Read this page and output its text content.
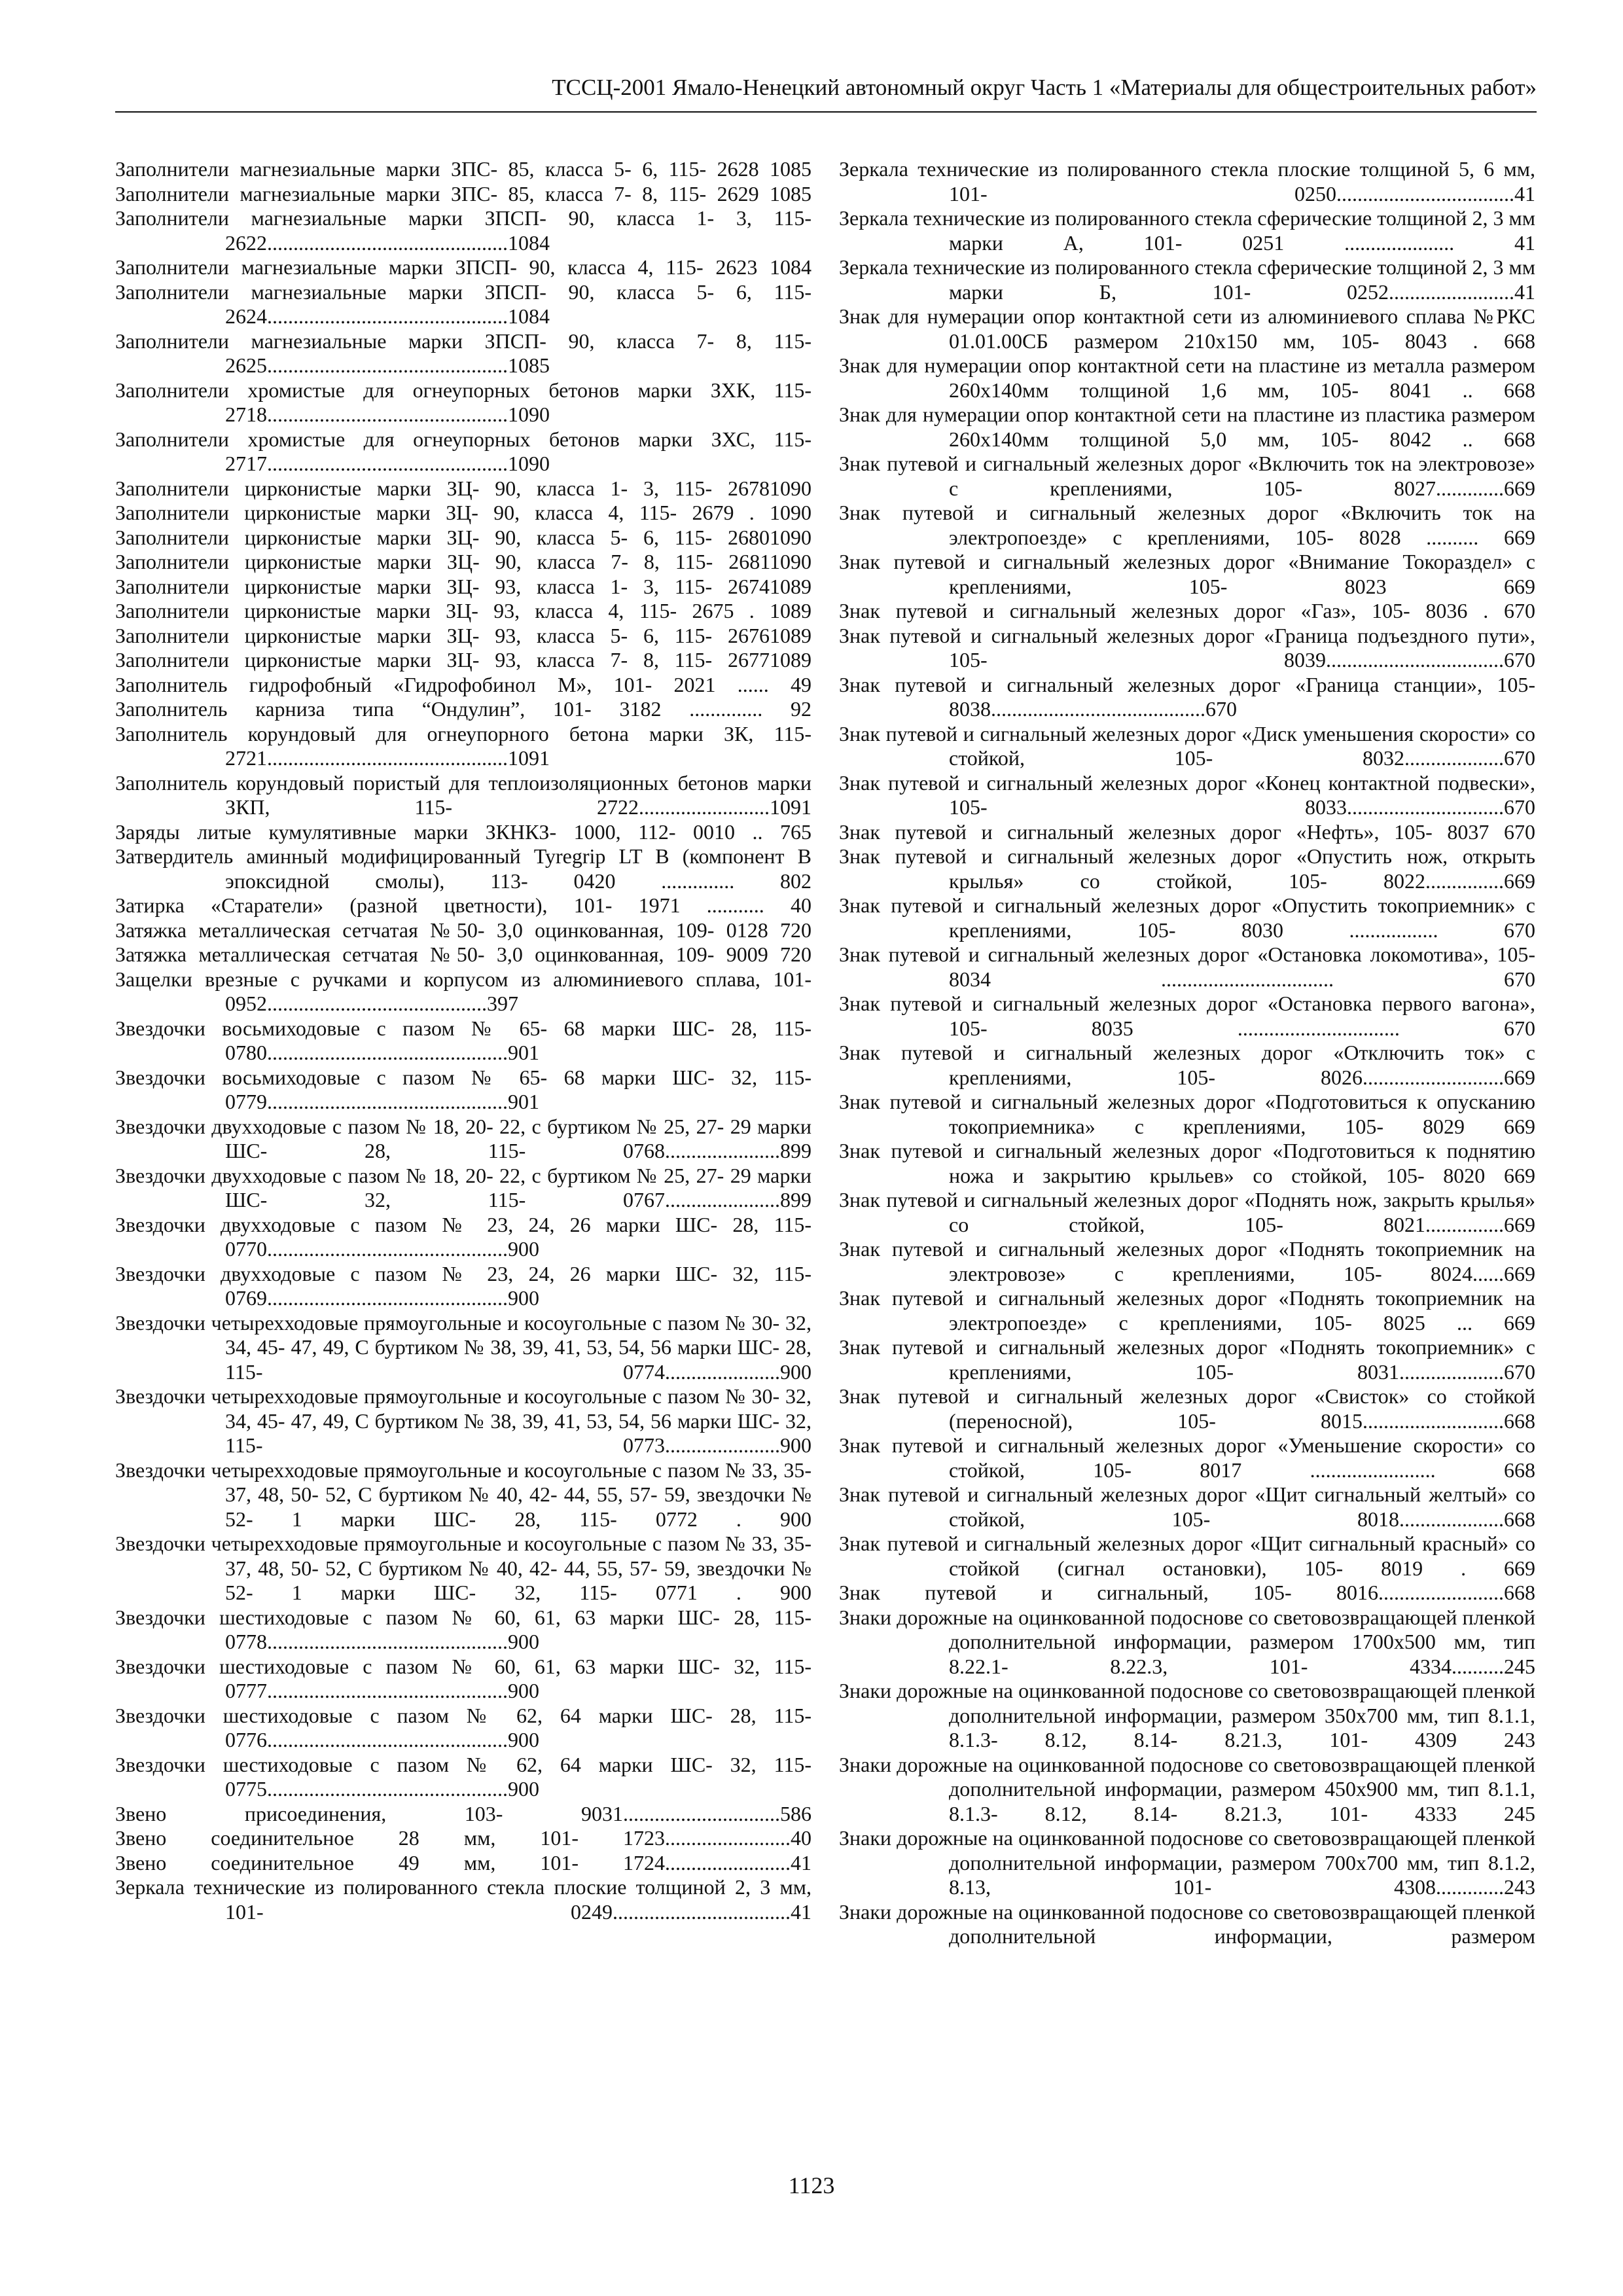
ТССЦ-2001 Ямало-Ненецкий автономный округ Часть 1 «Материалы для общестроительных работ»

Заполнители магнезиальные марки ЗПС- 85, класса 5- 6, 115- 2628 1085

Заполнители магнезиальные марки ЗПС- 85, класса 7- 8, 115- 2629 1085

Заполнители магнезиальные марки ЗПСП- 90, класса 1- 3, 115- 2622..............................................1084

Заполнители магнезиальные марки ЗПСП- 90, класса 4, 115- 2623 1084

Заполнители магнезиальные марки ЗПСП- 90, класса 5- 6, 115- 2624..............................................1084

Заполнители магнезиальные марки ЗПСП- 90, класса 7- 8, 115- 2625..............................................1085

Заполнители хромистые для огнеупорных бетонов марки ЗХК, 115- 2718..............................................1090

Заполнители хромистые для огнеупорных бетонов марки ЗХС, 115- 2717..............................................1090

Заполнители цирконистые марки ЗЦ- 90, класса 1- 3, 115- 26781090

Заполнители цирконистые марки ЗЦ- 90, класса 4, 115- 2679 . 1090

Заполнители цирконистые марки ЗЦ- 90, класса 5- 6, 115- 26801090

Заполнители цирконистые марки ЗЦ- 90, класса 7- 8, 115- 26811090

Заполнители цирконистые марки ЗЦ- 93, класса 1- 3, 115- 26741089

Заполнители цирконистые марки ЗЦ- 93, класса 4, 115- 2675 . 1089

Заполнители цирконистые марки ЗЦ- 93, класса 5- 6, 115- 26761089

Заполнители цирконистые марки ЗЦ- 93, класса 7- 8, 115- 26771089

Заполнитель гидрофобный «Гидрофобинол М», 101- 2021 ...... 49

Заполнитель карниза типа “Ондулин”, 101- 3182 .............. 92

Заполнитель корундовый для огнеупорного бетона марки ЗК, 115- 2721..............................................1091

Заполнитель корундовый пористый для теплоизоляционных бетонов марки ЗКП, 115- 2722.........................1091

Заряды литые кумулятивные марки ЗКНКЗ- 1000, 112- 0010 .. 765

Затвердитель аминный модифицированный Tyregrip LT B (компонент B эпоксидной смолы), 113- 0420 .............. 802

Затирка «Старатели» (разной цветности), 101- 1971 ........... 40

Затяжка металлическая сетчатая №50- 3,0 оцинкованная, 109- 0128 720

Затяжка металлическая сетчатая №50- 3,0 оцинкованная, 109- 9009 720

Защелки врезные с ручками и корпусом из алюминиевого сплава, 101- 0952..........................................397

Звездочки восьмиходовые с пазом № 65- 68 марки ШС- 28, 115- 0780..............................................901

Звездочки восьмиходовые с пазом № 65- 68 марки ШС- 32, 115- 0779..............................................901

Звездочки двухходовые с пазом № 18, 20- 22, с буртиком № 25, 27- 29 марки ШС- 28, 115- 0768......................899

Звездочки двухходовые с пазом № 18, 20- 22, с буртиком № 25, 27- 29 марки ШС- 32, 115- 0767......................899

Звездочки двухходовые с пазом № 23, 24, 26 марки ШС- 28, 115- 0770..............................................900

Звездочки двухходовые с пазом № 23, 24, 26 марки ШС- 32, 115- 0769..............................................900

Звездочки четырехходовые прямоугольные и косоугольные с пазом № 30- 32, 34, 45- 47, 49, С буртиком № 38, 39, 41, 53, 54, 56 марки ШС- 28, 115- 0774......................900

Звездочки четырехходовые прямоугольные и косоугольные с пазом № 30- 32, 34, 45- 47, 49, С буртиком № 38, 39, 41, 53, 54, 56 марки ШС- 32, 115- 0773......................900

Звездочки четырехходовые прямоугольные и косоугольные с пазом № 33, 35- 37, 48, 50- 52, С буртиком № 40, 42- 44, 55, 57- 59, звездочки № 52- 1 марки ШС- 28, 115- 0772 . 900

Звездочки четырехходовые прямоугольные и косоугольные с пазом № 33, 35- 37, 48, 50- 52, С буртиком № 40, 42- 44, 55, 57- 59, звездочки № 52- 1 марки ШС- 32, 115- 0771 . 900

Звездочки шестиходовые с пазом № 60, 61, 63 марки ШС- 28, 115- 0778..............................................900

Звездочки шестиходовые с пазом № 60, 61, 63 марки ШС- 32, 115- 0777..............................................900

Звездочки шестиходовые с пазом № 62, 64 марки ШС- 28, 115- 0776..............................................900

Звездочки шестиходовые с пазом № 62, 64 марки ШС- 32, 115- 0775..............................................900

Звено присоединения, 103- 9031..............................586

Звено соединительное 28 мм, 101- 1723........................40

Звено соединительное 49 мм, 101- 1724........................41

Зеркала технические из полированного стекла плоские толщиной 2, 3 мм, 101- 0249..................................41

Зеркала технические из полированного стекла плоские толщиной 5, 6 мм, 101- 0250..................................41

Зеркала технические из полированного стекла сферические толщиной 2, 3 мм марки А, 101- 0251 ..................... 41

Зеркала технические из полированного стекла сферические толщиной 2, 3 мм марки Б, 101- 0252........................41

Знак для нумерации опор контактной сети из алюминиевого сплава №РКС 01.01.00СБ размером 210х150 мм, 105- 8043 . 668

Знак для нумерации опор контактной сети на пластине из металла размером 260х140мм толщиной 1,6 мм, 105- 8041 .. 668

Знак для нумерации опор контактной сети на пластине из пластика размером 260х140мм толщиной 5,0 мм, 105- 8042 .. 668

Знак путевой и сигнальный железных дорог «Включить ток на электровозе» с креплениями, 105- 8027.............669

Знак путевой и сигнальный железных дорог «Включить ток на электропоезде» с креплениями, 105- 8028 .......... 669

Знак путевой и сигнальный железных дорог «Внимание Токораздел» с креплениями, 105- 8023 669

Знак путевой и сигнальный железных дорог «Газ», 105- 8036 . 670

Знак путевой и сигнальный железных дорог «Граница подъездного пути», 105- 8039..................................670

Знак путевой и сигнальный железных дорог «Граница станции», 105- 8038.........................................670

Знак путевой и сигнальный железных дорог «Диск уменьшения скорости» со стойкой, 105- 8032...................670

Знак путевой и сигнальный железных дорог «Конец контактной подвески», 105- 8033..............................670

Знак путевой и сигнальный железных дорог «Нефть», 105- 8037 670

Знак путевой и сигнальный железных дорог «Опустить нож, открыть крылья» со стойкой, 105- 8022...............669

Знак путевой и сигнальный железных дорог «Опустить токоприемник» с креплениями, 105- 8030 ................. 670

Знак путевой и сигнальный железных дорог «Остановка локомотива», 105- 8034 ................................. 670

Знак путевой и сигнальный железных дорог «Остановка первого вагона», 105- 8035 ............................... 670

Знак путевой и сигнальный железных дорог «Отключить ток» с креплениями, 105- 8026...........................669

Знак путевой и сигнальный железных дорог «Подготовиться к опусканию токоприемника» с креплениями, 105- 8029 669

Знак путевой и сигнальный железных дорог «Подготовиться к поднятию ножа и закрытию крыльев» со стойкой, 105- 8020 669

Знак путевой и сигнальный железных дорог «Поднять нож, закрыть крылья» со стойкой, 105- 8021...............669

Знак путевой и сигнальный железных дорог «Поднять токоприемник на электровозе» с креплениями, 105- 8024......669

Знак путевой и сигнальный железных дорог «Поднять токоприемник на электропоезде» с креплениями, 105- 8025 ... 669

Знак путевой и сигнальный железных дорог «Поднять токоприемник» с креплениями, 105- 8031....................670

Знак путевой и сигнальный железных дорог «Свисток» со стойкой (переносной), 105- 8015...........................668

Знак путевой и сигнальный железных дорог «Уменьшение скорости» со стойкой, 105- 8017 ........................ 668

Знак путевой и сигнальный железных дорог «Щит сигнальный желтый» со стойкой, 105- 8018....................668

Знак путевой и сигнальный железных дорог «Щит сигнальный красный» со стойкой (сигнал остановки), 105- 8019 . 669

Знак путевой и сигнальный, 105- 8016........................668

Знаки дорожные на оцинкованной подоснове со световозвращающей пленкой дополнительной информации, размером 1700х500 мм, тип 8.22.1- 8.22.3, 101- 4334..........245

Знаки дорожные на оцинкованной подоснове со световозвращающей пленкой дополнительной информации, размером 350х700 мм, тип 8.1.1, 8.1.3- 8.12, 8.14- 8.21.3, 101- 4309 243

Знаки дорожные на оцинкованной подоснове со световозвращающей пленкой дополнительной информации, размером 450х900 мм, тип 8.1.1, 8.1.3- 8.12, 8.14- 8.21.3, 101- 4333 245

Знаки дорожные на оцинкованной подоснове со световозвращающей пленкой дополнительной информации, размером 700х700 мм, тип 8.1.2, 8.13, 101- 4308.............243

Знаки дорожные на оцинкованной подоснове со световозвращающей пленкой дополнительной информации, размером

1123
